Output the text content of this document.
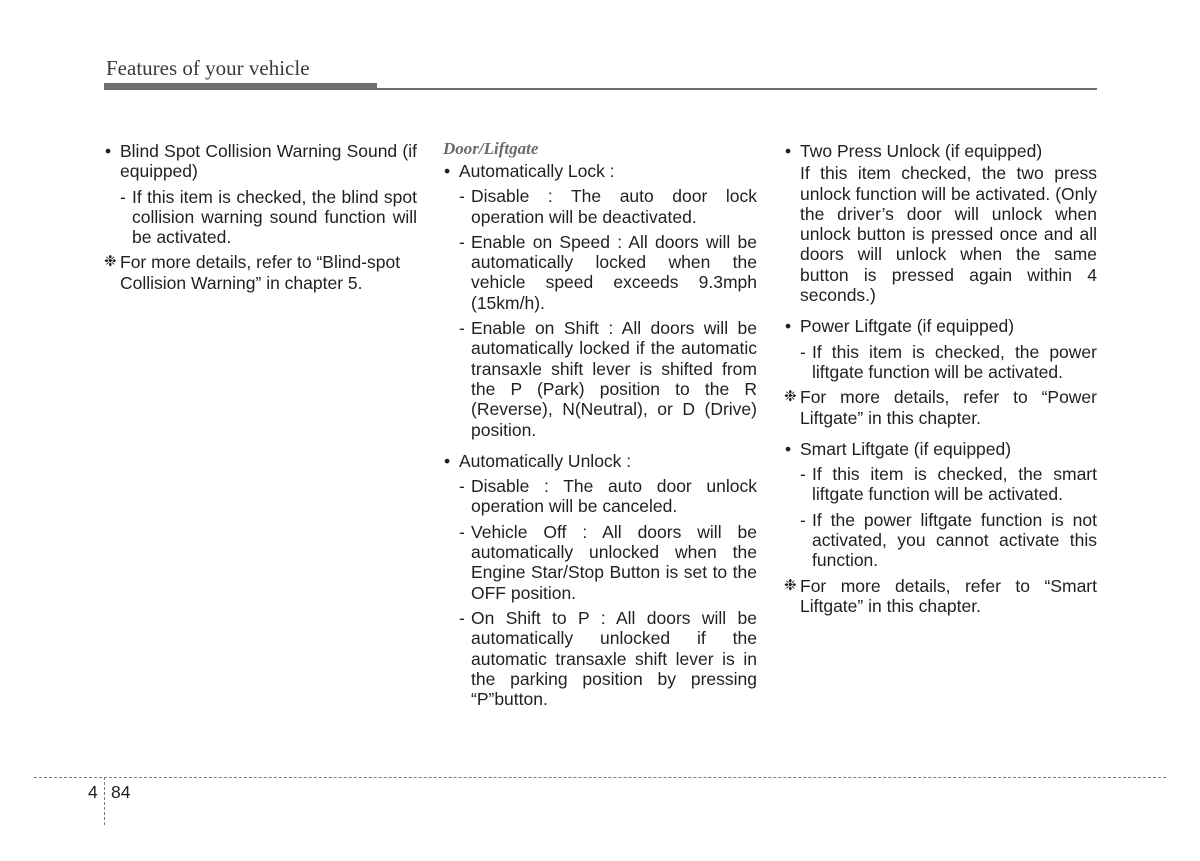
Features of your vehicle
• Blind Spot Collision Warning Sound (if equipped)
- If this item is checked, the blind spot collision warning sound function will be activated.
❉ For more details, refer to “Blind-spot Collision Warning” in chapter 5.
Door/Liftgate
• Automatically Lock :
- Disable : The auto door lock operation will be deactivated.
- Enable on Speed : All doors will be automatically locked when the vehicle speed exceeds 9.3mph (15km/h).
- Enable on Shift : All doors will be automatically locked if the automatic transaxle shift lever is shifted from the P (Park) position to the R (Reverse), N(Neutral), or D (Drive) position.
• Automatically Unlock :
- Disable : The auto door unlock operation will be canceled.
- Vehicle Off : All doors will be automatically unlocked when the Engine Star/Stop Button is set to the OFF position.
- On Shift to P : All doors will be automatically unlocked if the automatic transaxle shift lever is in the parking position by pressing “P”button.
• Two Press Unlock (if equipped)
If this item checked, the two press unlock function will be activated. (Only the driver’s door will unlock when unlock button is pressed once and all doors will unlock when the same button is pressed again within 4 seconds.)
• Power Liftgate (if equipped)
- If this item is checked, the power liftgate function will be activated.
❉ For more details, refer to “Power Liftgate” in this chapter.
• Smart Liftgate (if equipped)
- If this item is checked, the smart liftgate function will be activated.
- If the power liftgate function is not activated, you cannot activate this function.
❉ For more details, refer to “Smart Liftgate” in this chapter.
4 84
